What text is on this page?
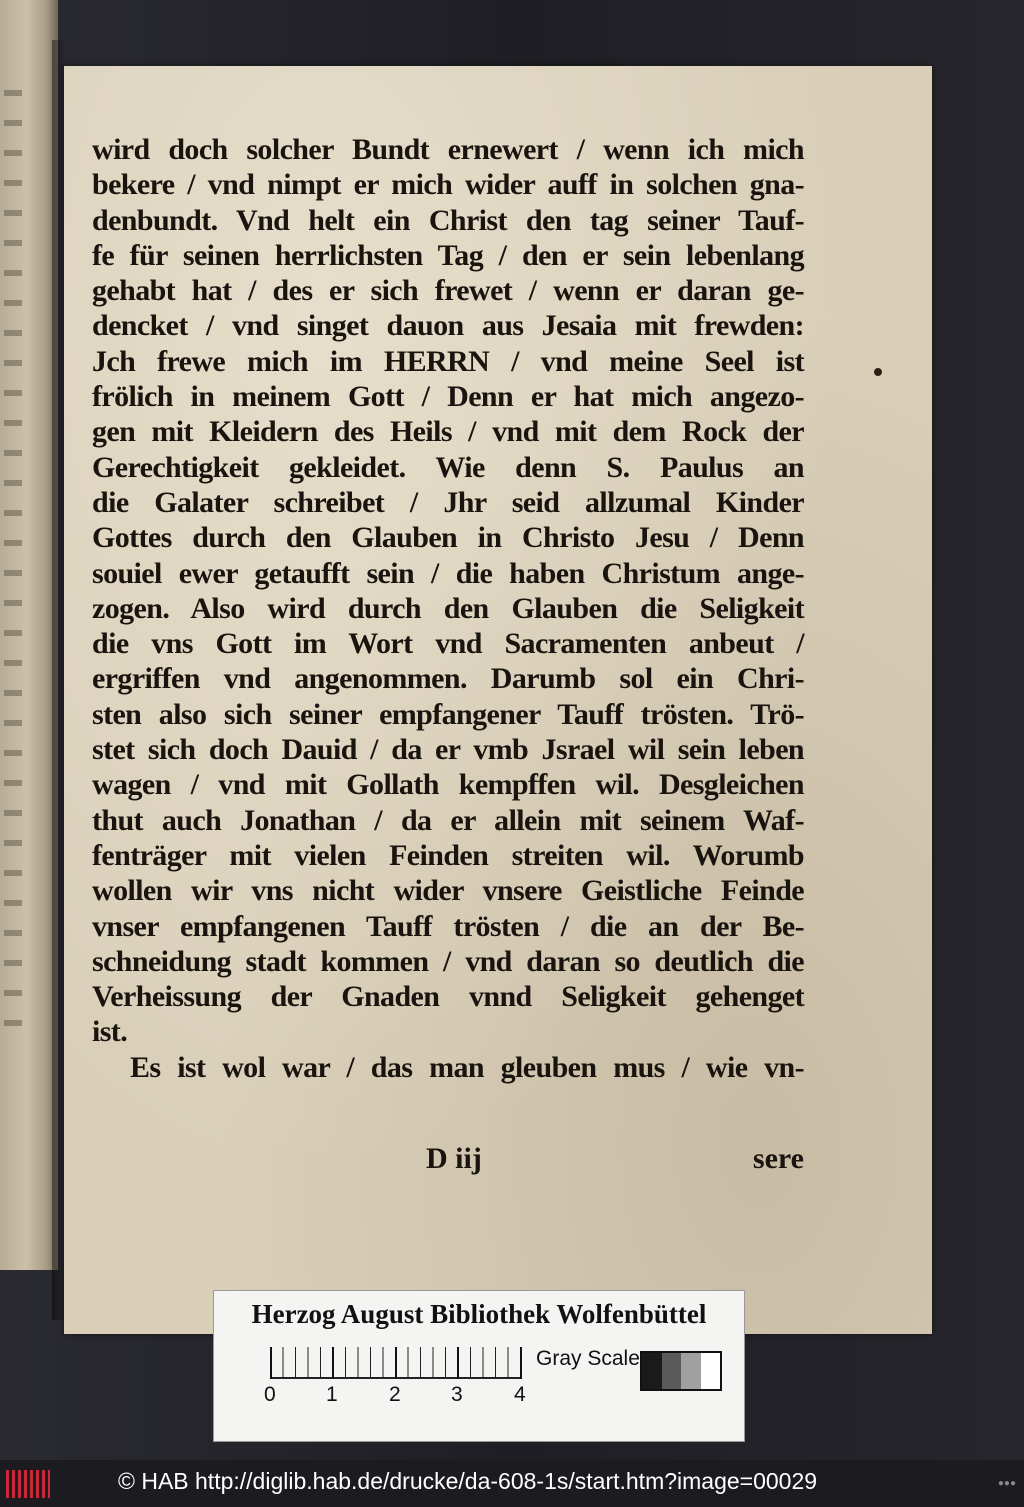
wird doch solcher Bundt ernewert / wenn ich mich
bekere / vnd nimpt er mich wider auff in solchen gna-
denbundt. Vnd helt ein Christ den tag seiner Tauf-
fe für seinen herrlichsten Tag / den er sein lebenlang
gehabt hat / des er sich frewet / wenn er daran ge-
dencket / vnd singet dauon aus Jesaia mit frewden:
Jch frewe mich im HERRN / vnd meine Seel ist
frölich in meinem Gott / Denn er hat mich angezo-
gen mit Kleidern des Heils / vnd mit dem Rock der
Gerechtigkeit gekleidet. Wie denn S. Paulus an
die Galater schreibet / Jhr seid allzumal Kinder
Gottes durch den Glauben in Christo Jesu / Denn
souiel ewer getaufft sein / die haben Christum ange-
zogen. Also wird durch den Glauben die Seligkeit
die vns Gott im Wort vnd Sacramenten anbeut /
ergriffen vnd angenommen. Darumb sol ein Chri-
sten also sich seiner empfangener Tauff trösten. Trö-
stet sich doch Dauid / da er vmb Jsrael wil sein leben
wagen / vnd mit Gollath kempffen wil. Desgleichen
thut auch Jonathan / da er allein mit seinem Waf-
fenträger mit vielen Feinden streiten wil. Worumb
wollen wir vns nicht wider vnsere Geistliche Feinde
vnser empfangenen Tauff trösten / die an der Be-
schneidung stadt kommen / vnd daran so deutlich die
Verheissung der Gnaden vnnd Seligkeit gehenget
ist.
Es ist wol war / das man gleuben mus / wie vn-
D iij	sere
Herzog August Bibliothek Wolfenbüttel
0 1 2 3 4
Gray Scale
© HAB http://diglib.hab.de/drucke/da-608-1s/start.htm?image=00029	●●●
